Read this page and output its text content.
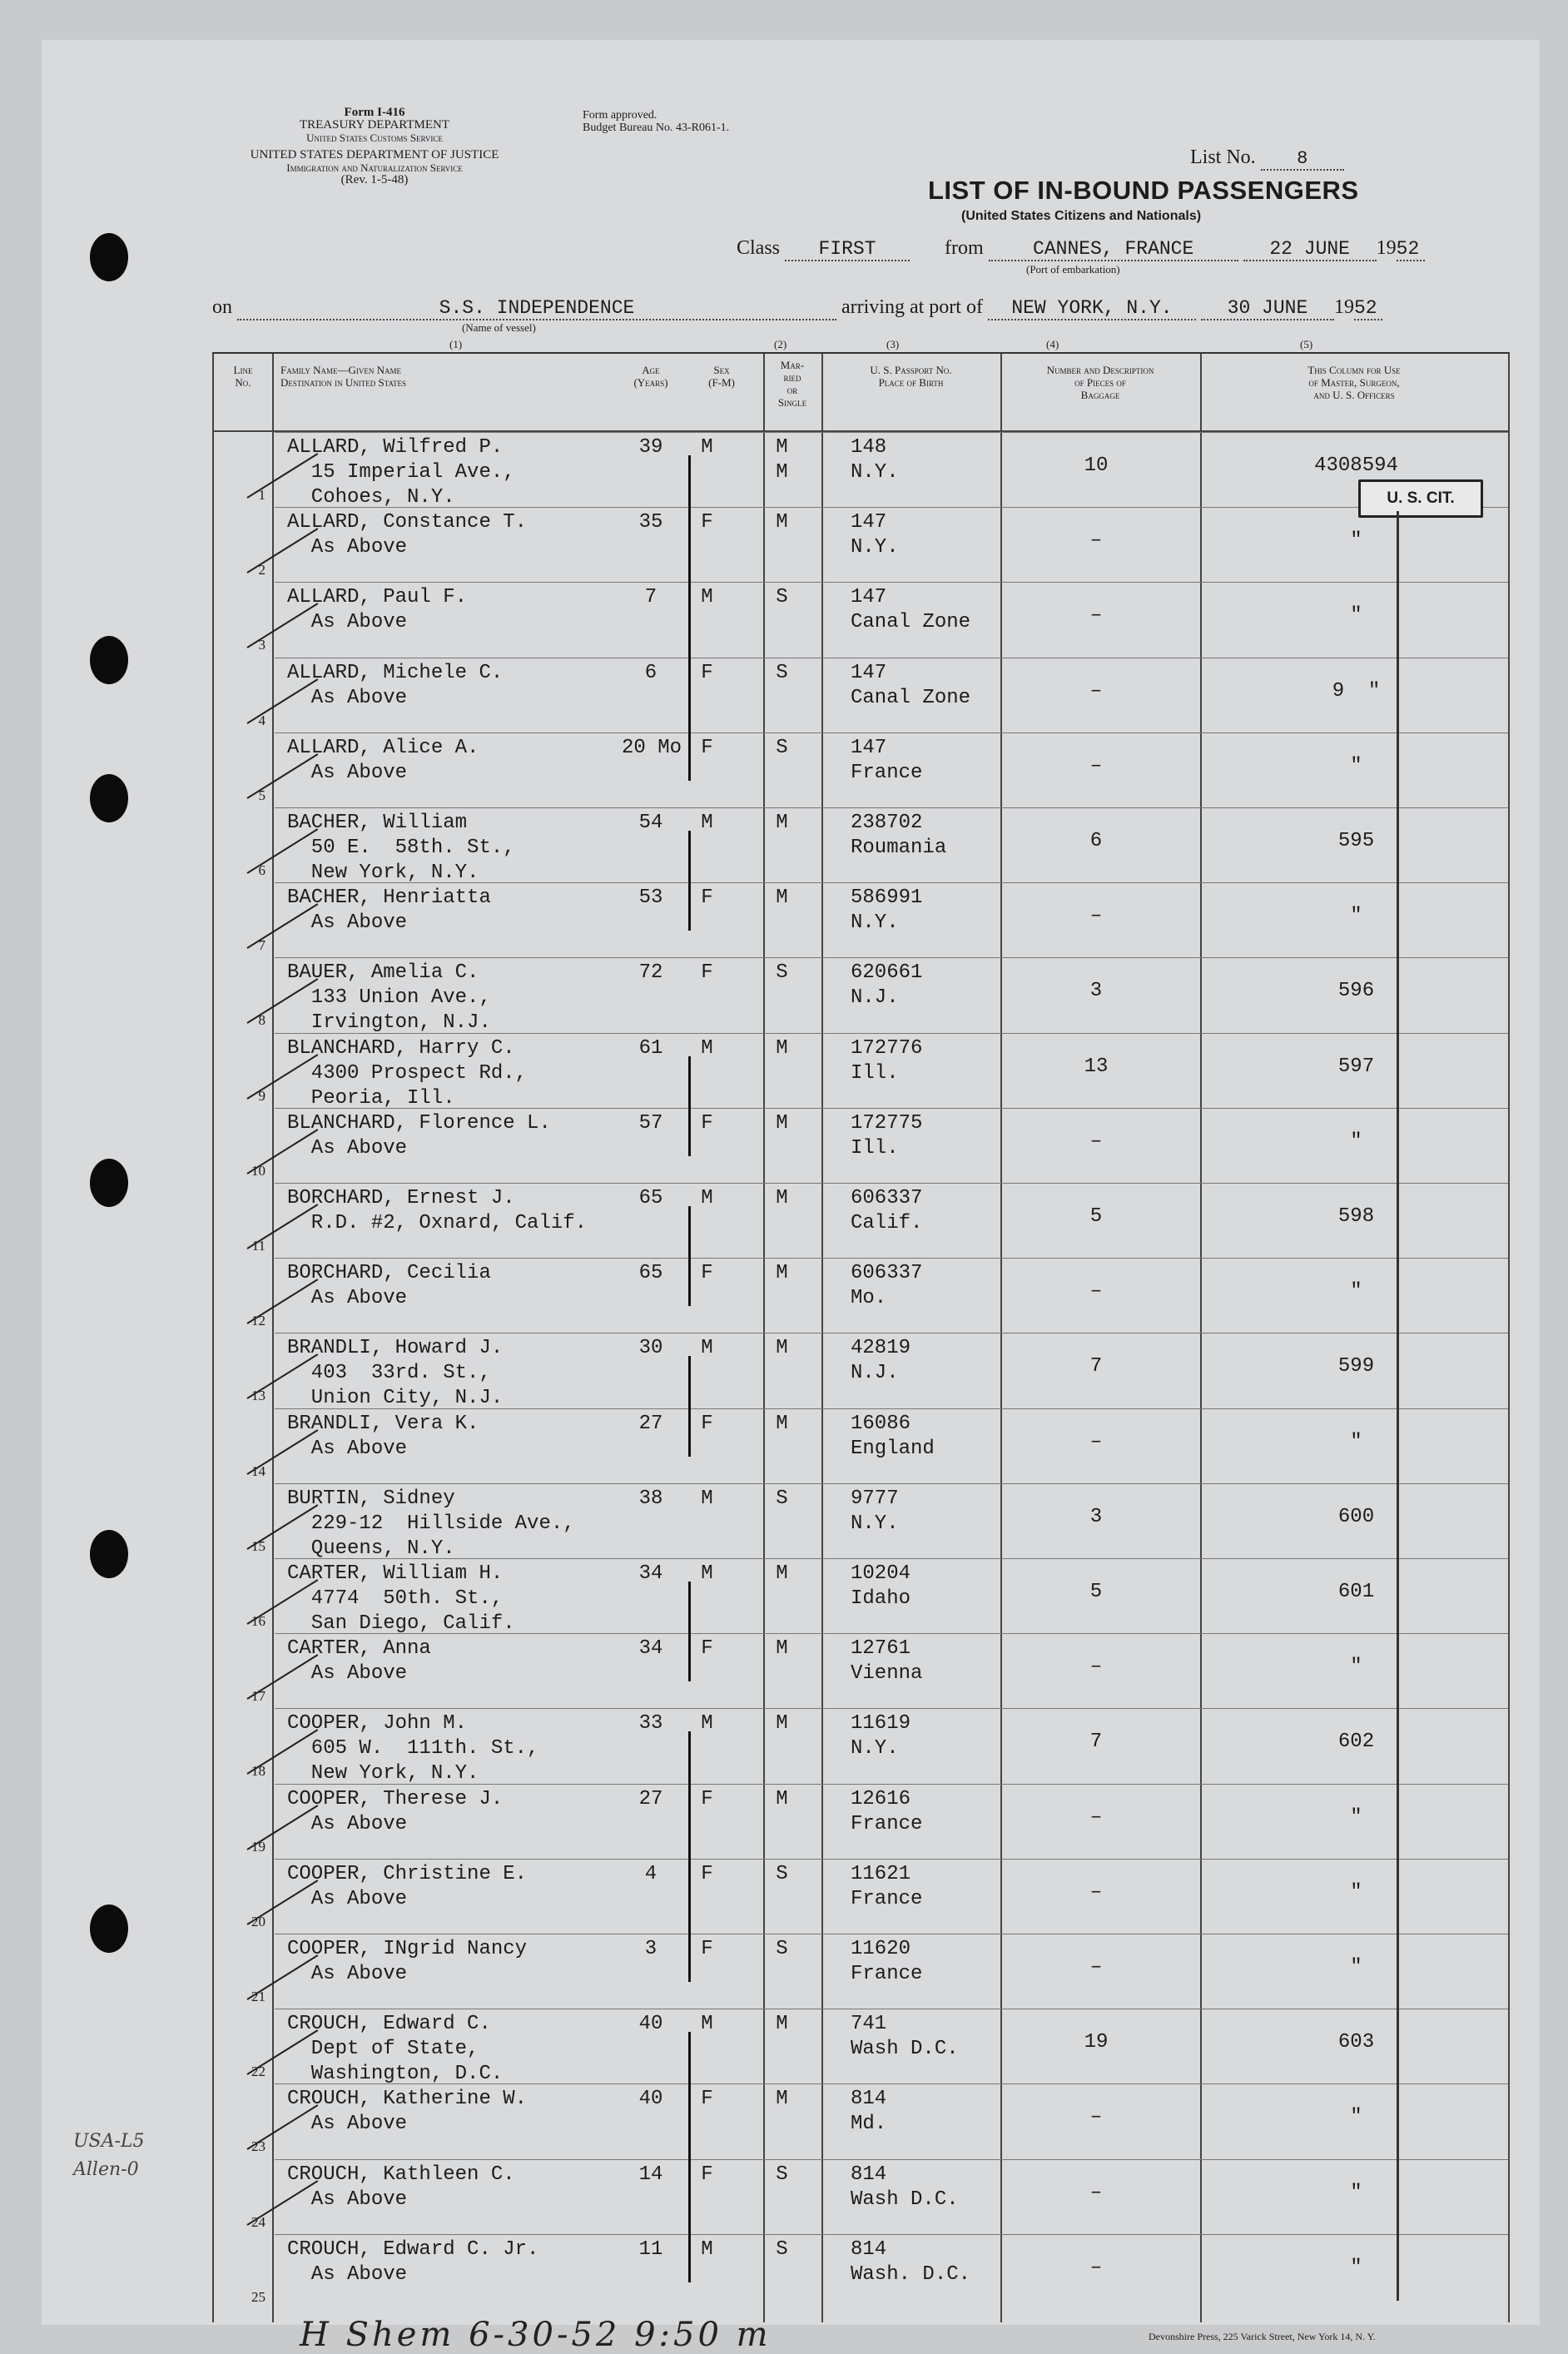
Form I-416
TREASURY DEPARTMENT
United States Customs Service
UNITED STATES DEPARTMENT OF JUSTICE
Immigration and Naturalization Service
(Rev. 1-5-48)
Form approved.
Budget Bureau No. 43-R061-1.
List No. 8
LIST OF IN-BOUND PASSENGERS
(United States Citizens and Nationals)
Class FIRST	from	CANNES, FRANCE	22 JUNE 1952
(Port of embarkation)
on	S.S. INDEPENDENCE	arriving at port of NEW YORK, N.Y.	30 JUNE 1952
(Name of vessel)
(1)	(2)	(3)	(4)	(5)
Line
No.
Family Name—Given Name
Destination in United States
Age
(Years)
Sex
(F-M)
Mar-
ried
or
Single
U. S. Passport No.
Place of Birth
Number and Description
of Pieces of
Baggage
This Column for Use
of Master, Surgeon,
and U. S. Officers
1
ALLARD, Wilfred P.
15 Imperial Ave.,
Cohoes, N.Y.
39	M	M
M
148
N.Y.	10	4308594
2
ALLARD, Constance T.
As Above
35	F	M	147
N.Y.	–	"
3
ALLARD, Paul F.
As Above
7	M	S	147
Canal Zone	–	"
4
ALLARD, Michele C.
As Above
6	F	S	147
Canal Zone	–	9  "
5
ALLARD, Alice A.
As Above
20 Mo F	S	147
France	–	"
6
BACHER, William
50 E.  58th. St.,
New York, N.Y.
54	M	M	238702
Roumania	6	595
7
BACHER, Henriatta
As Above
53	F	M	586991
N.Y.	–	"
8
BAUER, Amelia C.
133 Union Ave.,
Irvington, N.J.
72	F	S	620661
N.J.	3	596
9
BLANCHARD, Harry C.
4300 Prospect Rd.,
Peoria, Ill.
61	M	M	172776
Ill.	13	597
10
BLANCHARD, Florence L.
As Above
57	F	M	172775
Ill.	–	"
11
BORCHARD, Ernest J.
R.D. #2, Oxnard, Calif.
65	M	M	606337
Calif.	5	598
12
BORCHARD, Cecilia
As Above
65	F	M	606337
Mo.	–	"
13
BRANDLI, Howard J.
403  33rd. St.,
Union City, N.J.
30	M	M	42819
N.J.	7	599
14
BRANDLI, Vera K.
As Above
27	F	M	16086
England	–	"
15
BURTIN, Sidney
229-12  Hillside Ave.,
Queens, N.Y.
38	M	S	9777
N.Y.	3	600
16
CARTER, William H.
4774  50th. St.,
San Diego, Calif.
34	M	M	10204
Idaho	5	601
17
CARTER, Anna
As Above
34	F	M	12761
Vienna	–	"
18
COOPER, John M.
605 W.  111th. St.,
New York, N.Y.
33	M	M	11619
N.Y.	7	602
19
COOPER, Therese J.
As Above
27	F	M	12616
France	–	"
20
COOPER, Christine E.
As Above
4	F	S	11621
France	–	"
21
COOPER, INgrid Nancy
As Above
3	F	S	11620
France	–	"
22
CROUCH, Edward C.
Dept of State,
Washington, D.C.
40	M	M	741
Wash D.C.	19	603
23
CROUCH, Katherine W.
As Above
40	F	M	814
Md.	–	"
24
CROUCH, Kathleen C.
As Above
14	F	S	814
Wash D.C.	–	"
25
CROUCH, Edward C. Jr.
As Above
11	M	S	814
Wash. D.C.	–	"
U. S. CIT.
USA-L5
Allen-0
H Shem 6-30-52 9:50 m	Devonshire Press, 225 Varick Street, New York 14, N. Y.
